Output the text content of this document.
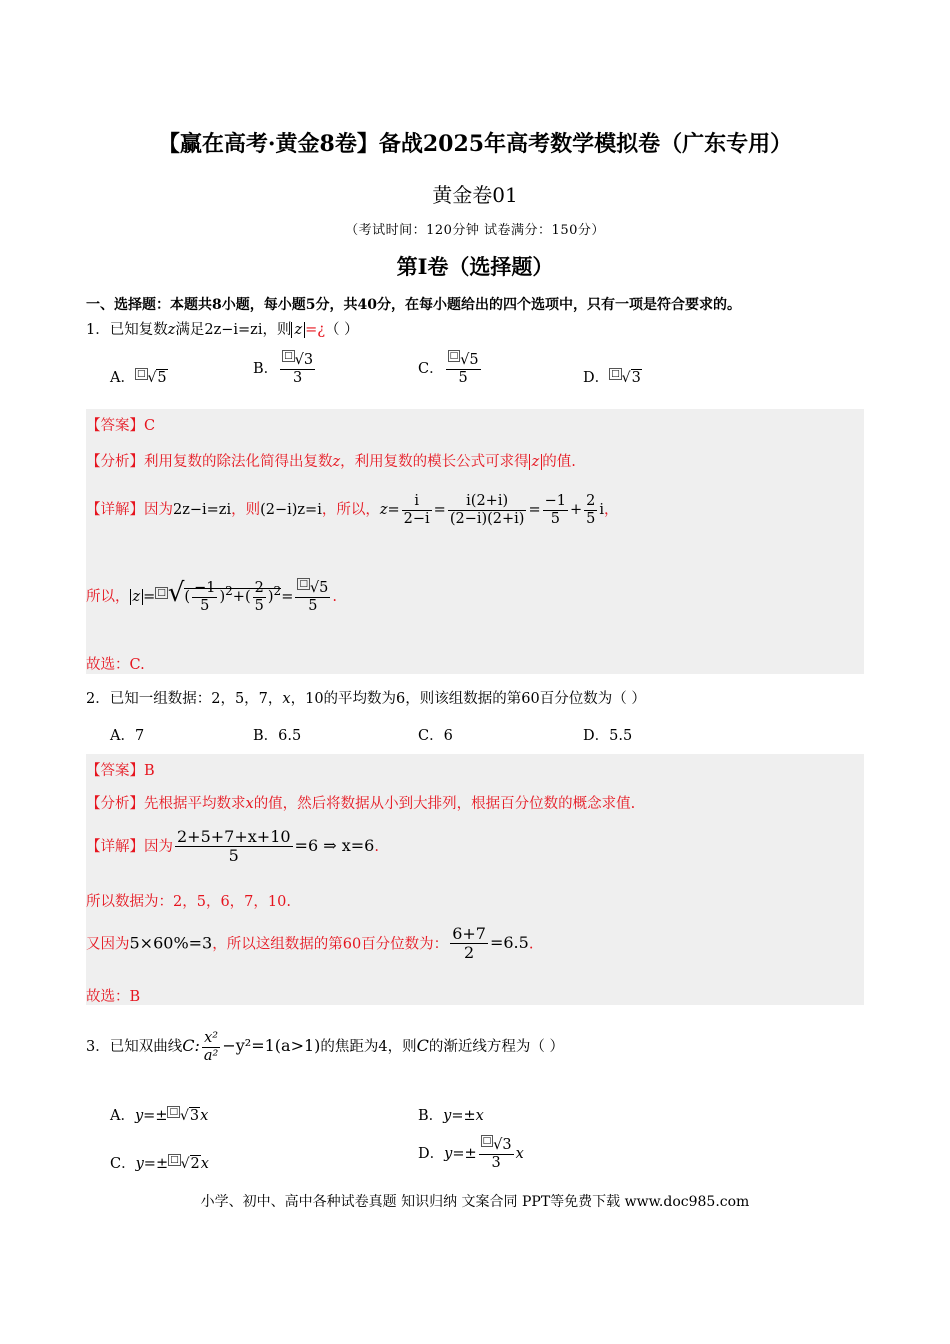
【赢在高考·黄金8卷】备战2025年高考数学模拟卷（广东专用）
黄金卷01
（考试时间：120分钟 试卷满分：150分）
第I卷（选择题）
一、选择题：本题共8小题，每小题5分，共40分，在每小题给出的四个选项中，只有一项是符合要求的。
1．已知复数z满足2z−i=zi，则 z =¿（ ）
A． □ √5
B． $\frac{^□ √3}{3}$	C． $\frac{^□ √5}{5}$	D． □ √3
【答案】C
【分析】利用复数的除法化简得出复数z，利用复数的模长公式可求得 z 的值.
【详解】因为2z−i=zi，则(2−i)z=i，所以，$z= \frac{i}{2-i} = \frac{i(2+i)}{(2-i)(2+i)} = \frac{-1}{5} + \frac{2}{5}$ i，
所以， $z = ^□√( \frac{-1}{5} )^2+( \frac{2}{5} )^2= \frac{^□ √5}{5}$ .
故选：C.
2．已知一组数据：2，5，7，x，10的平均数为6，则该组数据的第60百分位数为（ ）
A．7	B．6.5	C．6	D．5.5
【答案】B
【分析】先根据平均数求x的值，然后将数据从小到大排列，根据百分位数的概念求值.
【详解】因为 $\frac{2+5+7+x+10}{5} =6$ ⇒ x=6.
所以数据为：2，5，6，7，10.
又因为5×60%=3，所以这组数据的第60百分位数为： $\frac{6+7}{2} =6.5$.
故选：B
3．已知双曲线C: $\frac{\text{x²}}{\text{a²}} -y^2=1(a>1)$的焦距为4，则C的渐近线方程为（ ）
A．y=± □ √3x	B．y=±x
C．y=± □ √2x
D．$y=\pm \frac{^□ √3}{3}$ x
小学、初中、高中各种试卷真题 知识归纳 文案合同 PPT等免费下载 www.doc985.com
